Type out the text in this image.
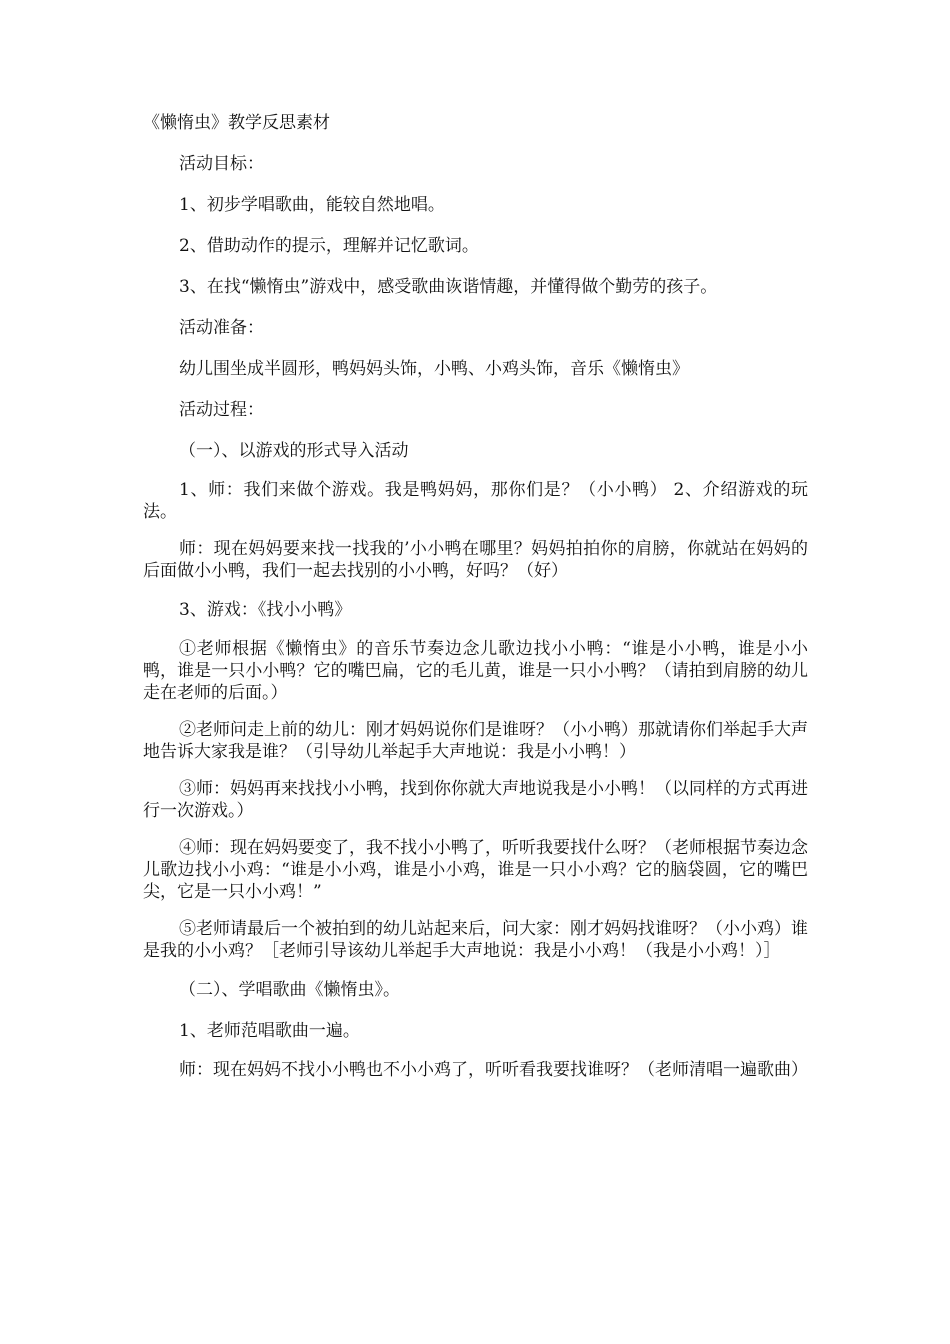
《懒惰虫》教学反思素材
活动目标：
1、初步学唱歌曲，能较自然地唱。
2、借助动作的提示，理解并记忆歌词。
3、在找“懒惰虫”游戏中，感受歌曲诙谐情趣，并懂得做个勤劳的孩子。
活动准备：
幼儿围坐成半圆形，鸭妈妈头饰，小鸭、小鸡头饰，音乐《懒惰虫》
活动过程：
（一）、以游戏的形式导入活动
1、师：我们来做个游戏。我是鸭妈妈，那你们是？（小小鸭） 2、介绍游戏的玩法。
师：现在妈妈要来找一找我的’小小鸭在哪里？妈妈拍拍你的肩膀，你就站在妈妈的后面做小小鸭，我们一起去找别的小小鸭，好吗？（好）
3、游戏：《找小小鸭》
①老师根据《懒惰虫》的音乐节奏边念儿歌边找小小鸭：“谁是小小鸭，谁是小小鸭，谁是一只小小鸭？它的嘴巴扁，它的毛儿黄，谁是一只小小鸭？（请拍到肩膀的幼儿走在老师的后面。）
②老师问走上前的幼儿：刚才妈妈说你们是谁呀？（小小鸭）那就请你们举起手大声地告诉大家我是谁？（引导幼儿举起手大声地说：我是小小鸭！）
③师：妈妈再来找找小小鸭，找到你你就大声地说我是小小鸭！（以同样的方式再进行一次游戏。）
④师：现在妈妈要变了，我不找小小鸭了，听听我要找什么呀？（老师根据节奏边念儿歌边找小小鸡：“谁是小小鸡，谁是小小鸡，谁是一只小小鸡？它的脑袋圆，它的嘴巴尖，它是一只小小鸡！”
⑤老师请最后一个被拍到的幼儿站起来后，问大家：刚才妈妈找谁呀？（小小鸡）谁是我的小小鸡？［老师引导该幼儿举起手大声地说：我是小小鸡！（我是小小鸡！）］
（二）、学唱歌曲《懒惰虫》。
1、老师范唱歌曲一遍。
师：现在妈妈不找小小鸭也不小小鸡了，听听看我要找谁呀？（老师清唱一遍歌曲）
